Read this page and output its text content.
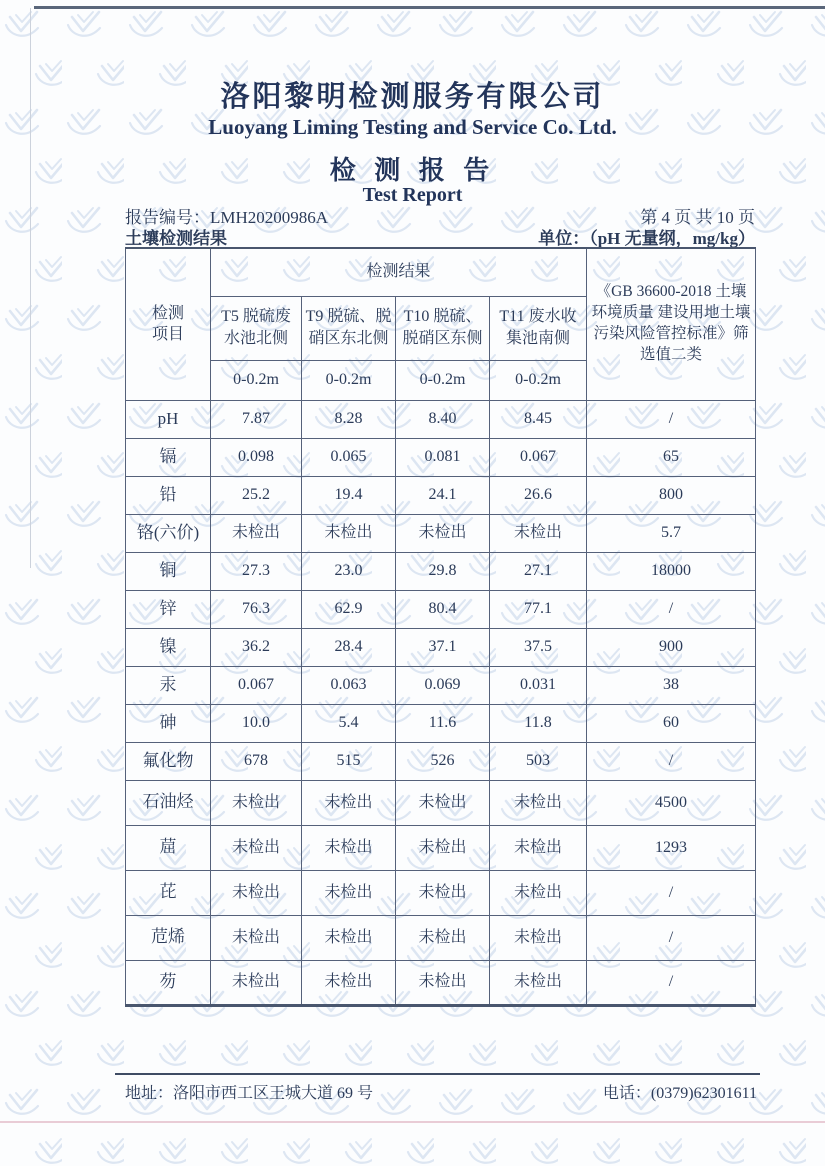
洛阳黎明检测服务有限公司
Luoyang Liming Testing and Service Co. Ltd.
检 测 报 告
Test Report
第 4 页 共 10 页
报告编号：LMH20200986A
单位：（pH 无量纲，mg/kg）
土壤检测结果
检测项目	检测结果				《GB 36600-2018 土壤环境质量 建设用地土壤污染风险管控标准》筛选值二类
	T5 脱硫废水池北侧	T9 脱硫、脱硝区东北侧	T10 脱硫、脱硝区东侧	T11 废水收集池南侧	
	0-0.2m	0-0.2m	0-0.2m	0-0.2m	
pH	7.87	8.28	8.40	8.45	/
镉	0.098	0.065	0.081	0.067	65
铅	25.2	19.4	24.1	26.6	800
铬(六价)	未检出	未检出	未检出	未检出	5.7
铜	27.3	23.0	29.8	27.1	18000
锌	76.3	62.9	80.4	77.1	/
镍	36.2	28.4	37.1	37.5	900
汞	0.067	0.063	0.069	0.031	38
砷	10.0	5.4	11.6	11.8	60
氟化物	678	515	526	503	/
石油烃	未检出	未检出	未检出	未检出	4500
䓛	未检出	未检出	未检出	未检出	1293
芘	未检出	未检出	未检出	未检出	/
苊烯	未检出	未检出	未检出	未检出	/
芴	未检出	未检出	未检出	未检出	/
电话：(0379)62301611
地址：洛阳市西工区王城大道 69 号
